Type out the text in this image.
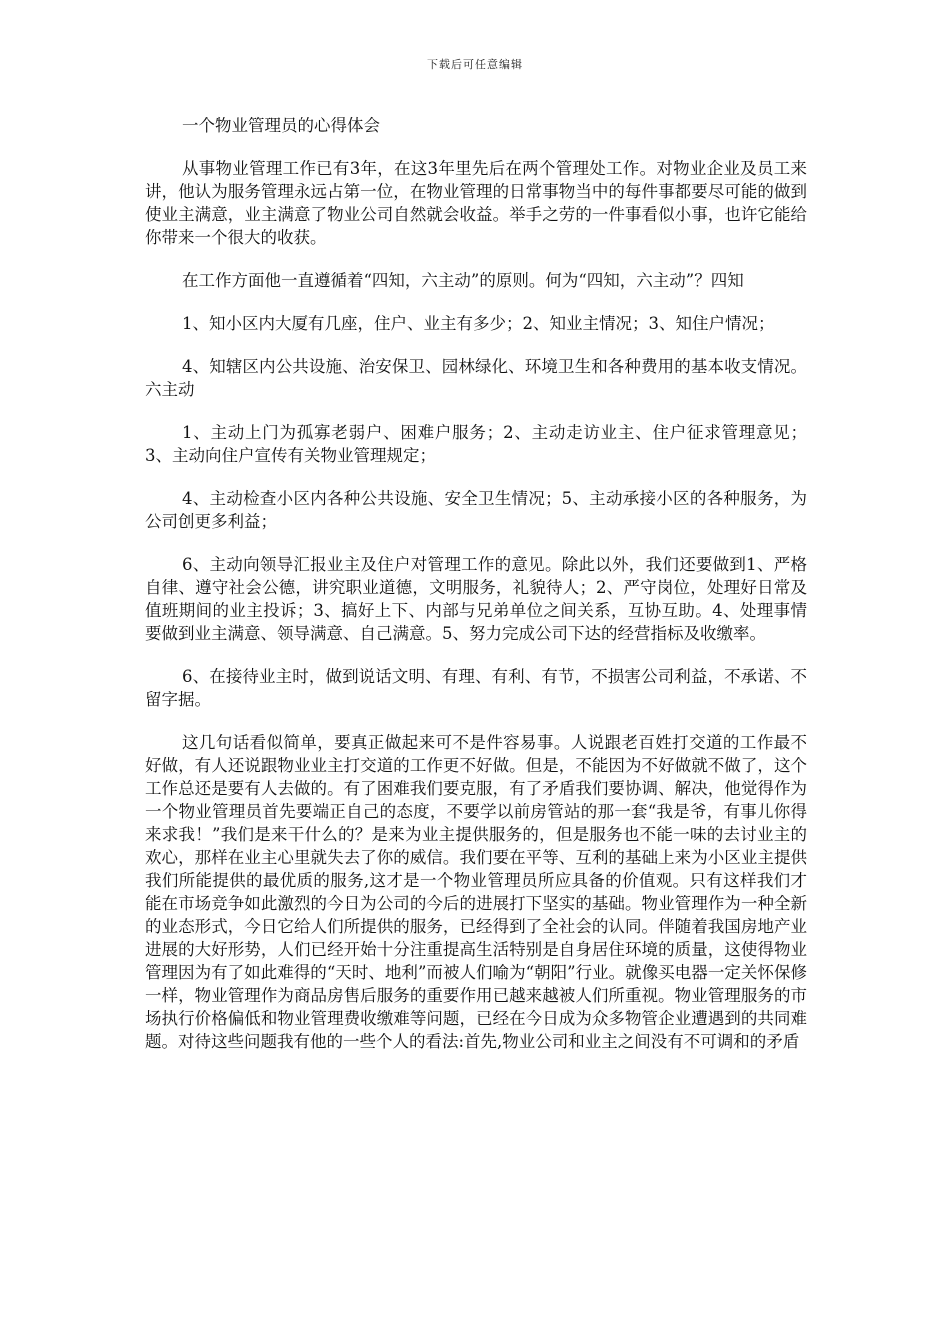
下载后可任意编辑

一个物业管理员的心得体会

从事物业管理工作已有3年，在这3年里先后在两个管理处工作。对物业企业及员工来讲，他认为服务管理永远占第一位，在物业管理的日常事物当中的每件事都要尽可能的做到使业主满意，业主满意了物业公司自然就会收益。举手之劳的一件事看似小事，也许它能给你带来一个很大的收获。

在工作方面他一直遵循着“四知，六主动”的原则。何为“四知，六主动”？四知

1、知小区内大厦有几座，住户、业主有多少；2、知业主情况；3、知住户情况；

4、知辖区内公共设施、治安保卫、园林绿化、环境卫生和各种费用的基本收支情况。六主动

1、主动上门为孤寡老弱户、困难户服务；2、主动走访业主、住户征求管理意见；3、主动向住户宣传有关物业管理规定；

4、主动检查小区内各种公共设施、安全卫生情况；5、主动承接小区的各种服务，为公司创更多利益；

6、主动向领导汇报业主及住户对管理工作的意见。除此以外，我们还要做到1、严格自律、遵守社会公德，讲究职业道德，文明服务，礼貌待人；2、严守岗位，处理好日常及值班期间的业主投诉；3、搞好上下、内部与兄弟单位之间关系，互协互助。4、处理事情要做到业主满意、领导满意、自己满意。5、努力完成公司下达的经营指标及收缴率。

6、在接待业主时，做到说话文明、有理、有利、有节，不损害公司利益，不承诺、不留字据。

这几句话看似简单，要真正做起来可不是件容易事。人说跟老百姓打交道的工作最不好做，有人还说跟物业业主打交道的工作更不好做。但是，不能因为不好做就不做了，这个工作总还是要有人去做的。有了困难我们要克服，有了矛盾我们要协调、解决，他觉得作为一个物业管理员首先要端正自己的态度，不要学以前房管站的那一套“我是爷，有事儿你得来求我！”我们是来干什么的？是来为业主提供服务的，但是服务也不能一味的去讨业主的欢心，那样在业主心里就失去了你的威信。我们要在平等、互利的基础上来为小区业主提供我们所能提供的最优质的服务,这才是一个物业管理员所应具备的价值观。只有这样我们才能在市场竞争如此激烈的今日为公司的今后的进展打下坚实的基础。物业管理作为一种全新的业态形式，今日它给人们所提供的服务，已经得到了全社会的认同。伴随着我国房地产业进展的大好形势，人们已经开始十分注重提高生活特别是自身居住环境的质量，这使得物业管理因为有了如此难得的“天时、地利”而被人们喻为“朝阳”行业。就像买电器一定关怀保修一样，物业管理作为商品房售后服务的重要作用已越来越被人们所重视。物业管理服务的市场执行价格偏低和物业管理费收缴难等问题，已经在今日成为众多物管企业遭遇到的共同难题。对待这些问题我有他的一些个人的看法:首先,物业公司和业主之间没有不可调和的矛盾
